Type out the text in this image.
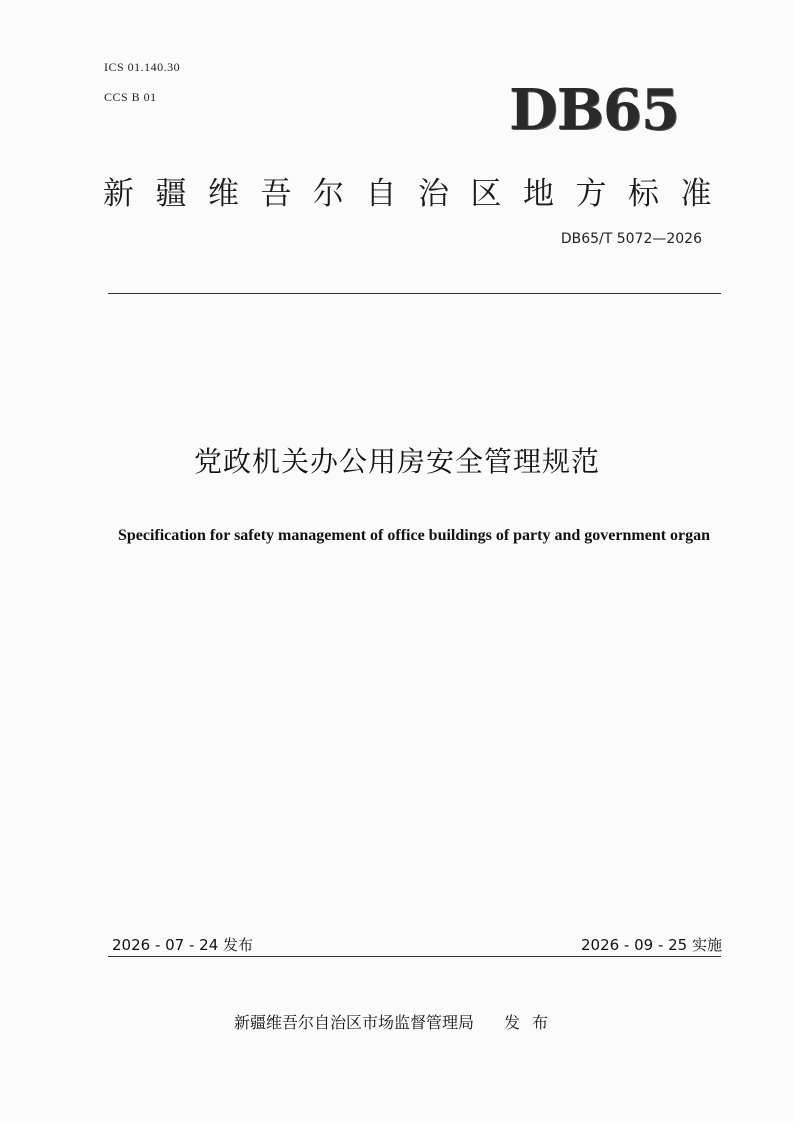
ICS 01.140.30
CCS B 01	DB65
新疆维吾尔自治区地方标准
DB65/T 5072—2026
党政机关办公用房安全管理规范
Specification for safety management of office buildings of party and government organ
2026 - 07 - 24 发布	2026 - 09 - 25 实施
新疆维吾尔自治区市场监督管理局 发布
